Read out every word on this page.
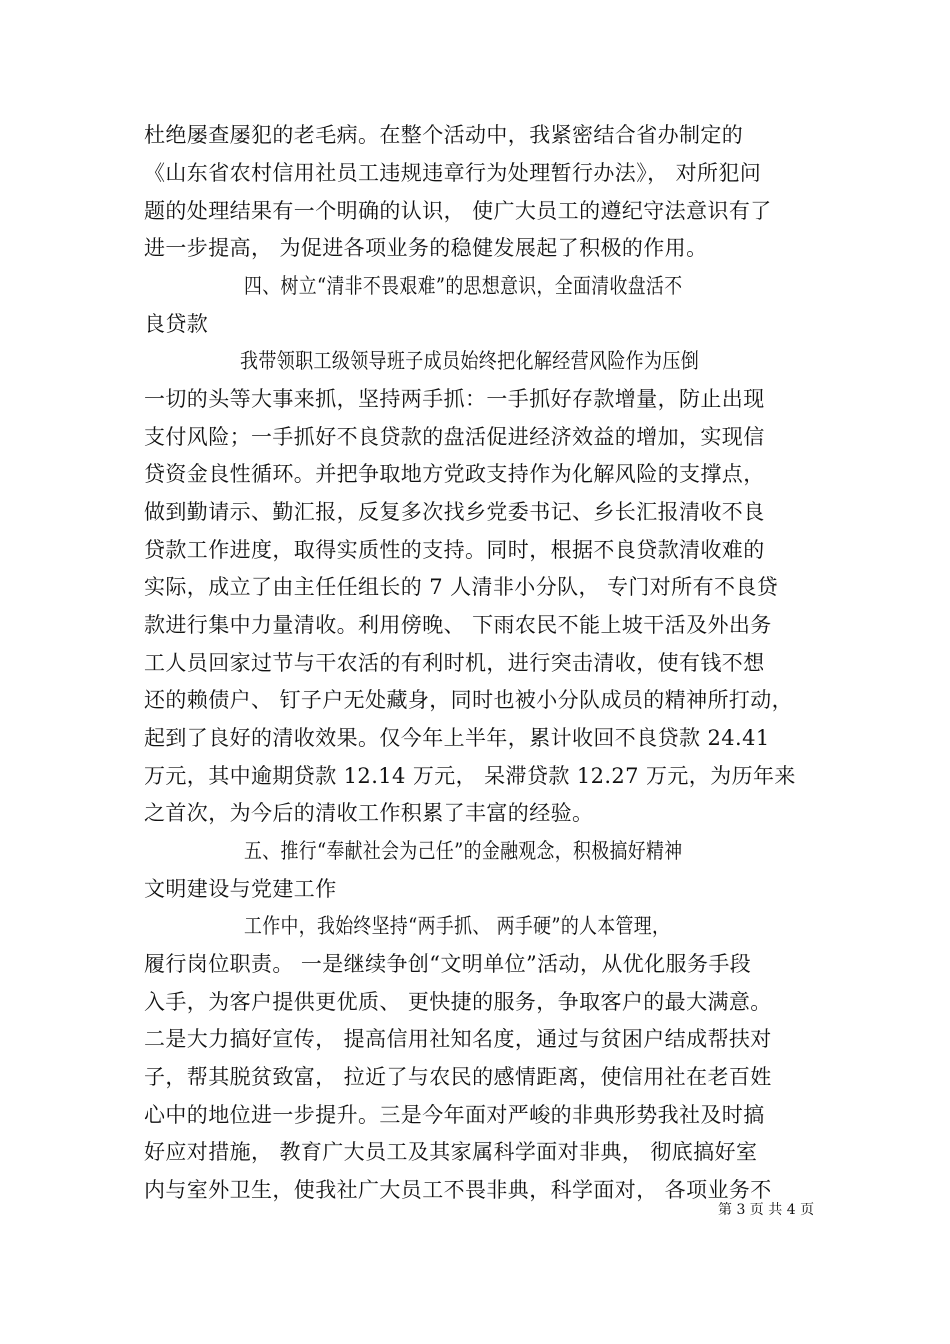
杜绝屡查屡犯的老毛病。在整个活动中，我紧密结合省办制定的
《山东省农村信用社员工违规违章行为处理暂行办法》， 对所犯问
题的处理结果有一个明确的认识， 使广大员工的遵纪守法意识有了
进一步提高， 为促进各项业务的稳健发展起了积极的作用。
四、树立“清非不畏艰难”的思想意识，全面清收盘活不
良贷款
我带领职工级领导班子成员始终把化解经营风险作为压倒
一切的头等大事来抓，坚持两手抓：一手抓好存款增量，防止出现
支付风险；一手抓好不良贷款的盘活促进经济效益的增加，实现信
贷资金良性循环。并把争取地方党政支持作为化解风险的支撑点，
做到勤请示、勤汇报，反复多次找乡党委书记、乡长汇报清收不良
贷款工作进度，取得实质性的支持。同时，根据不良贷款清收难的
实际，成立了由主任任组长的 7 人清非小分队， 专门对所有不良贷
款进行集中力量清收。利用傍晚、 下雨农民不能上坡干活及外出务
工人员回家过节与干农活的有利时机，进行突击清收，使有钱不想
还的赖债户、 钉子户无处藏身，同时也被小分队成员的精神所打动，
起到了良好的清收效果。仅今年上半年，累计收回不良贷款 24.41
万元，其中逾期贷款 12.14 万元， 呆滞贷款 12.27 万元，为历年来
之首次，为今后的清收工作积累了丰富的经验。
五、推行“奉献社会为己任”的金融观念，积极搞好精神
文明建设与党建工作
工作中，我始终坚持“两手抓、 两手硬”的人本管理，
履行岗位职责。 一是继续争创“文明单位”活动，从优化服务手段
入手，为客户提供更优质、 更快捷的服务，争取客户的最大满意。
二是大力搞好宣传， 提高信用社知名度，通过与贫困户结成帮扶对
子，帮其脱贫致富， 拉近了与农民的感情距离，使信用社在老百姓
心中的地位进一步提升。三是今年面对严峻的非典形势我社及时搞
好应对措施， 教育广大员工及其家属科学面对非典， 彻底搞好室
内与室外卫生，使我社广大员工不畏非典，科学面对， 各项业务不
第 3 页 共 4 页
